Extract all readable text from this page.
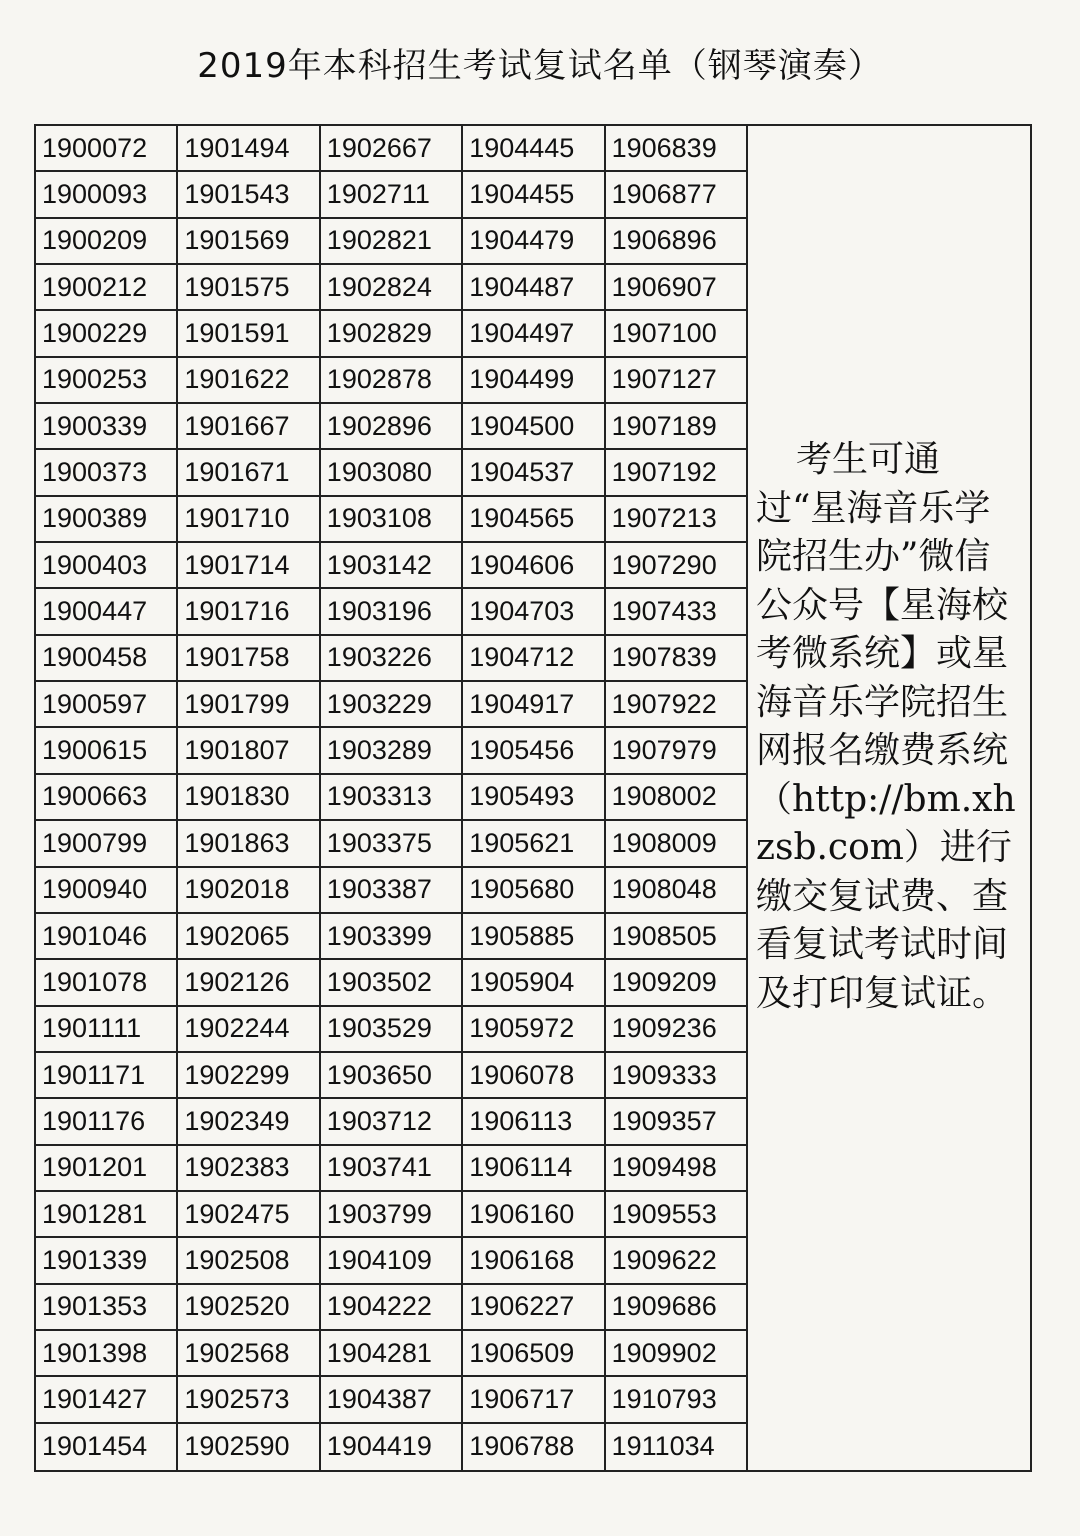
2019年本科招生考试复试名单（钢琴演奏）
1900072	1901494	1902667	1904445	1906839
1900093	1901543	1902711	1904455	1906877
1900209	1901569	1902821	1904479	1906896
1900212	1901575	1902824	1904487	1906907
1900229	1901591	1902829	1904497	1907100
1900253	1901622	1902878	1904499	1907127
1900339	1901667	1902896	1904500	1907189
1900373	1901671	1903080	1904537	1907192
1900389	1901710	1903108	1904565	1907213
1900403	1901714	1903142	1904606	1907290
1900447	1901716	1903196	1904703	1907433
1900458	1901758	1903226	1904712	1907839
1900597	1901799	1903229	1904917	1907922
1900615	1901807	1903289	1905456	1907979
1900663	1901830	1903313	1905493	1908002
1900799	1901863	1903375	1905621	1908009
1900940	1902018	1903387	1905680	1908048
1901046	1902065	1903399	1905885	1908505
1901078	1902126	1903502	1905904	1909209
1901111	1902244	1903529	1905972	1909236
1901171	1902299	1903650	1906078	1909333
1901176	1902349	1903712	1906113	1909357
1901201	1902383	1903741	1906114	1909498
1901281	1902475	1903799	1906160	1909553
1901339	1902508	1904109	1906168	1909622
1901353	1902520	1904222	1906227	1909686
1901398	1902568	1904281	1906509	1909902
1901427	1902573	1904387	1906717	1910793
1901454	1902590	1904419	1906788	1911034
考生可通过“星海音乐学院招生办”微信公众号【星海校考微系统】或星海音乐学院招生网报名缴费系统（http://bm.xhzsb.com）进行缴交复试费、查看复试考试时间及打印复试证。
